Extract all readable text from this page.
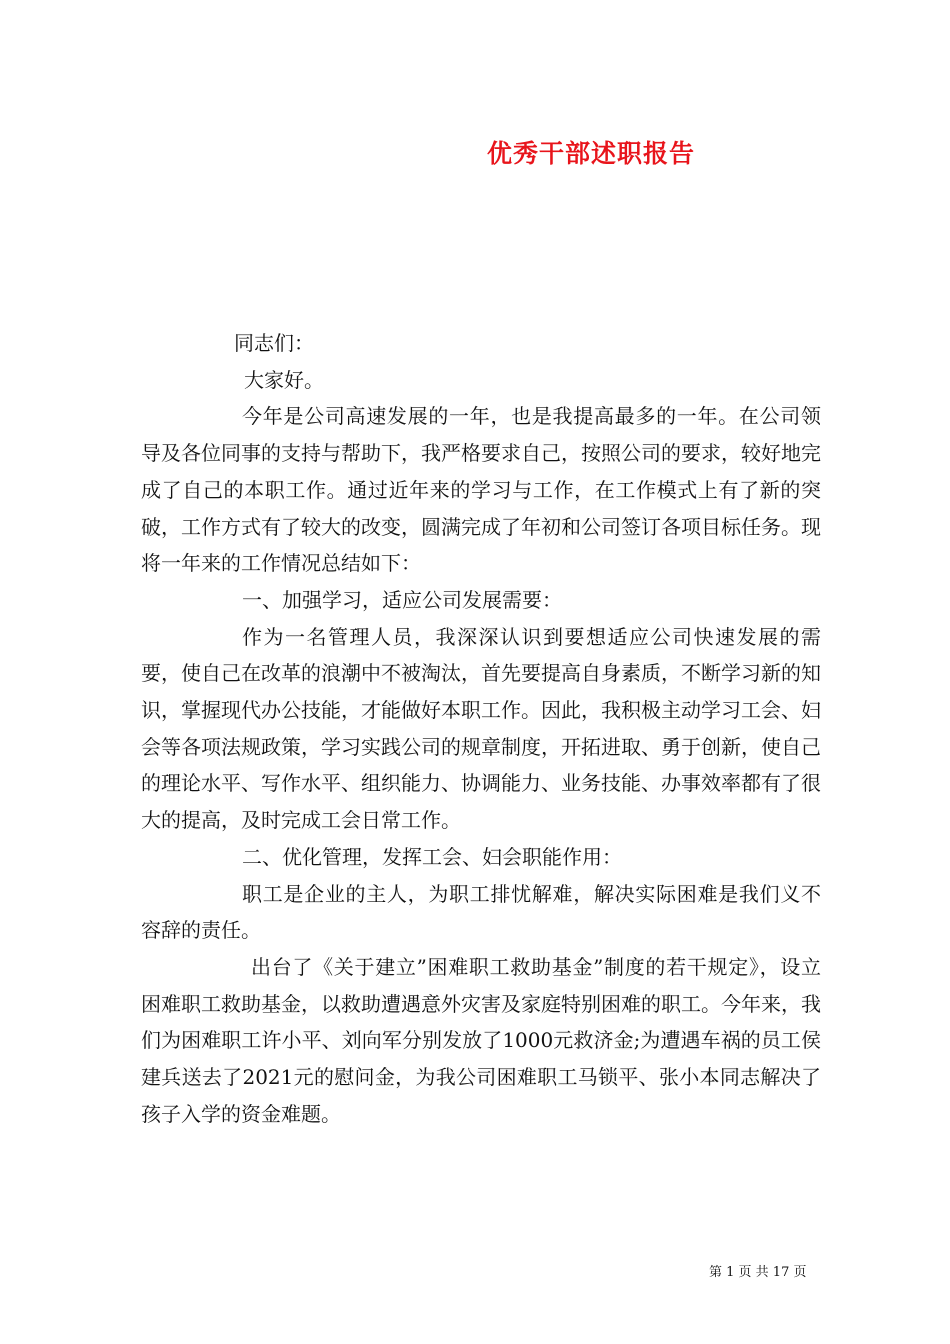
优秀干部述职报告

同志们：

大家好。

今年是公司高速发展的一年，也是我提高最多的一年。在公司领导及各位同事的支持与帮助下，我严格要求自己，按照公司的要求，较好地完成了自己的本职工作。通过近年来的学习与工作，在工作模式上有了新的突破，工作方式有了较大的改变，圆满完成了年初和公司签订各项目标任务。现将一年来的工作情况总结如下：

一、加强学习，适应公司发展需要：

作为一名管理人员，我深深认识到要想适应公司快速发展的需要，使自己在改革的浪潮中不被淘汰，首先要提高自身素质，不断学习新的知识，掌握现代办公技能，才能做好本职工作。因此，我积极主动学习工会、妇会等各项法规政策，学习实践公司的规章制度，开拓进取、勇于创新，使自己的理论水平、写作水平、组织能力、协调能力、业务技能、办事效率都有了很大的提高，及时完成工会日常工作。

二、优化管理，发挥工会、妇会职能作用：

职工是企业的主人，为职工排忧解难，解决实际困难是我们义不容辞的责任。

出台了《关于建立”困难职工救助基金”制度的若干规定》，设立困难职工救助基金，以救助遭遇意外灾害及家庭特别困难的职工。今年来，我们为困难职工许小平、刘向军分别发放了1000元救济金;为遭遇车祸的员工侯建兵送去了2021元的慰问金，为我公司困难职工马锁平、张小本同志解决了孩子入学的资金难题。

第 1 页 共 17 页
